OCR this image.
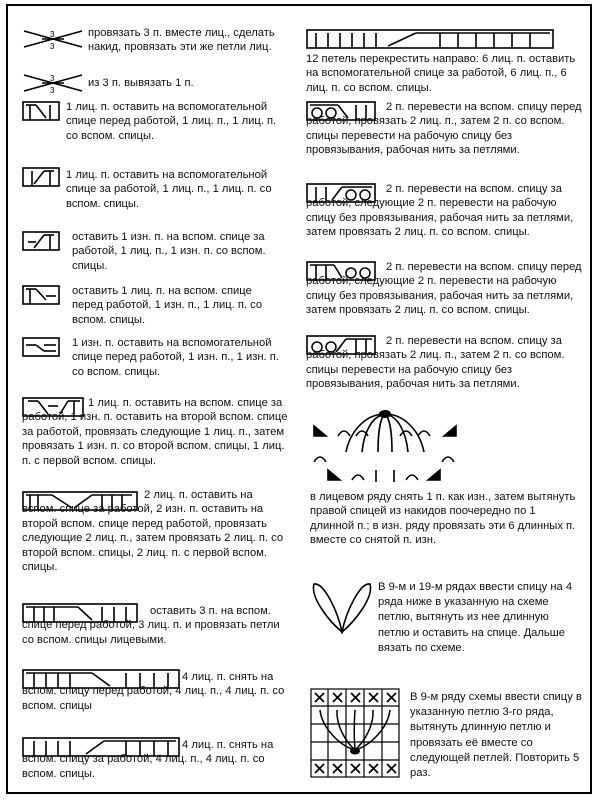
3
3
провязать 3 п. вместе лиц., сделать накид, провязать эти же петли лиц.
3
3
из 3 п. вывязать 1 п.
1 лиц. п. оставить на вспомогательной спице перед работой, 1 лиц. п., 1 лиц. п. со вспом. спицы.
1 лиц. п. оставить на вспомогательной спице за работой, 1 лиц. п., 1 лиц. п. со вспом. спицы.
оставить 1 изн. п. на вспом. спице за работой, 1 лиц. п., 1 изн. п. со вспом. спицы.
оставить 1 лиц. п. на вспом. спице перед работой, 1 изн. п., 1 лиц. п. со вспом. спицы.
1 изн. п. оставить на вспомогательной спице перед работой, 1 изн. п., 1 изн. п. со вспом. спицы.
1 лиц. п. оставить на вспом. спице за работой, 1 изн. п. оставить на второй вспом. спице за работой, провязать следующие 1 лиц. п., затем провязать 1 изн. п. со второй вспом. спицы, 1 лиц. п. с первой вспом. спицы.
2 лиц. п. оставить на вспом. спице за работой, 2 изн. п. оставить на второй вспом. спице перед работой, провязать следующие 2 лиц. п., затем провязать 2 лиц. п. со второй вспом. спицы, 2 лиц. п. с первой вспом. спицы.
оставить 3 п. на вспом. спице перед работой, 3 лиц. п. и провязать петли со вспом. спицы лицевыми.
4 лиц. п. снять на вспом. спицу перед работой, 4 лиц. п., 4 лиц. п. со вспом. спицы
4 лиц. п. снять на вспом. спицу за работой, 4 лиц. п., 4 лиц. п. со вспом. спицы.
12 петель перекрестить направо: 6 лиц. п. оставить на вспомогательной спице за работой, 6 лиц. п., 6 лиц. п. со вспом. спицы.
2 п. перевести на вспом. спицу перед работой, провязать 2 лиц. п., затем 2 п. со вспом. спицы перевести на рабочую спицу без провязывания, рабочая нить за петлями.
2 п. перевести на вспом. спицу за работой, следующие 2 п. перевести на рабочую спицу без провязывания, рабочая нить за петлями, затем провязать 2 лиц. п. со вспом. спицы.
2 п. перевести на вспом. спицу перед работой, следующие 2 п. перевести на рабочую спицу без провязывания, рабочая нить за петлями, затем провязать 2 лиц. п. со вспом. спицы.
2 п. перевести на вспом. спицу за работой, провязать 2 лиц. п., затем 2 п. со вспом. спицы перевести на рабочую спицу без провязывания, рабочая нить за петлями.
в лицевом ряду снять 1 п. как изн., затем вытянуть правой спицей из накидов поочередно по 1 длинной п.; в изн. ряду провязать эти 6 длинных п. вместе со снятой п. изн.
В 9-м и 19-м рядах ввести спицу на 4 ряда ниже в указанную на схеме петлю, вытянуть из нее длинную петлю и оставить на спице. Дальше вязать по схеме.
В 9-м ряду схемы ввести спицу в указанную петлю 3-го ряда, вытянуть длинную петлю и провязать её вместе со следующей петлей. Повторить 5 раз.
